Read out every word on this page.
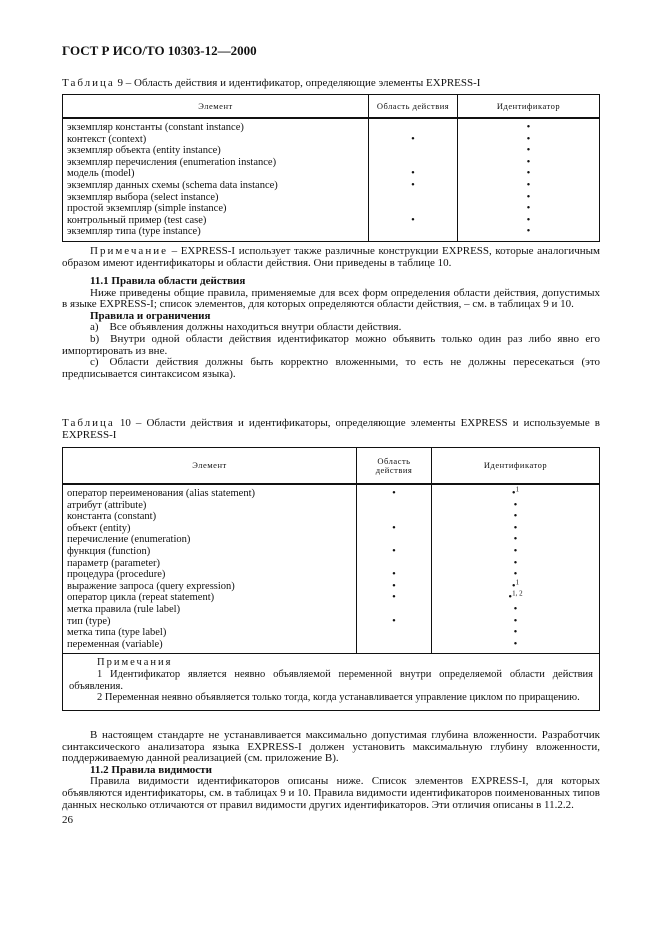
ГОСТ Р ИСО/ТО 10303-12—2000
Таблица 9 – Область действия и идентификатор, определяющие элементы EXPRESS-I
Элемент	Область действия	Идентификатор
экземпляр константы (constant instance)		•
контекст (context)	•	•
экземпляр объекта (entity instance)		•
экземпляр перечисления (enumeration instance)		•
модель (model)	•	•
экземпляр данных схемы (schema data instance)	•	•
экземпляр выбора (select instance)		•
простой экземпляр (simple instance)		•
контрольный пример (test case)	•	•
экземпляр типа (type instance)		•

Примечание – EXPRESS-I использует также различные конструкции EXPRESS, которые аналогичным образом имеют идентификаторы и области действия. Они приведены в таблице 10.

11.1 Правила области действия

Ниже приведены общие правила, применяемые для всех форм определения области действия, допустимых в языке EXPRESS-I; список элементов, для которых определяются области действия, – см. в таблицах 9 и 10.

Правила и ограничения

a) Все объявления должны находиться внутри области действия.

b) Внутри одной области действия идентификатор можно объявить только один раз либо явно его импортировать из вне.

c) Области действия должны быть корректно вложенными, то есть не должны пересекаться (это предписывается синтаксисом языка).

Таблица 10 – Области действия и идентификаторы, определяющие элементы EXPRESS и используемые в EXPRESS-I
Элемент	Область действия	Идентификатор
оператор переименования (alias statement)	•	•$^1$
атрибут (attribute)		•
константа (constant)		•
объект (entity)	•	•
перечисление (enumeration)		•
функция (function)	•	•
параметр (parameter)		•
процедура (procedure)	•	•
выражение запроса (query expression)	•	•$^1$
оператор цикла (repeat statement)	•	•$^{1, 2}$
метка правила (rule label)		•
тип (type)	•	•
метка типа (type label)		•
переменная (variable)		•

Примечания

1 Идентификатор является неявно объявляемой переменной внутри определяемой области действия объявления.

2 Переменная неявно объявляется только тогда, когда устанавливается управление циклом по приращению.		

В настоящем стандарте не устанавливается максимально допустимая глубина вложенности. Разработчик синтаксического анализатора языка EXPRESS-I должен установить максимальную глубину вложенности, поддерживаемую данной реализацией (см. приложение B).

11.2 Правила видимости

Правила видимости идентификаторов описаны ниже. Список элементов EXPRESS-I, для которых объявляются идентификаторы, см. в таблицах 9 и 10. Правила видимости идентификаторов поименованных типов данных несколько отличаются от правил видимости других идентификаторов. Эти отличия описаны в 11.2.2.

26
